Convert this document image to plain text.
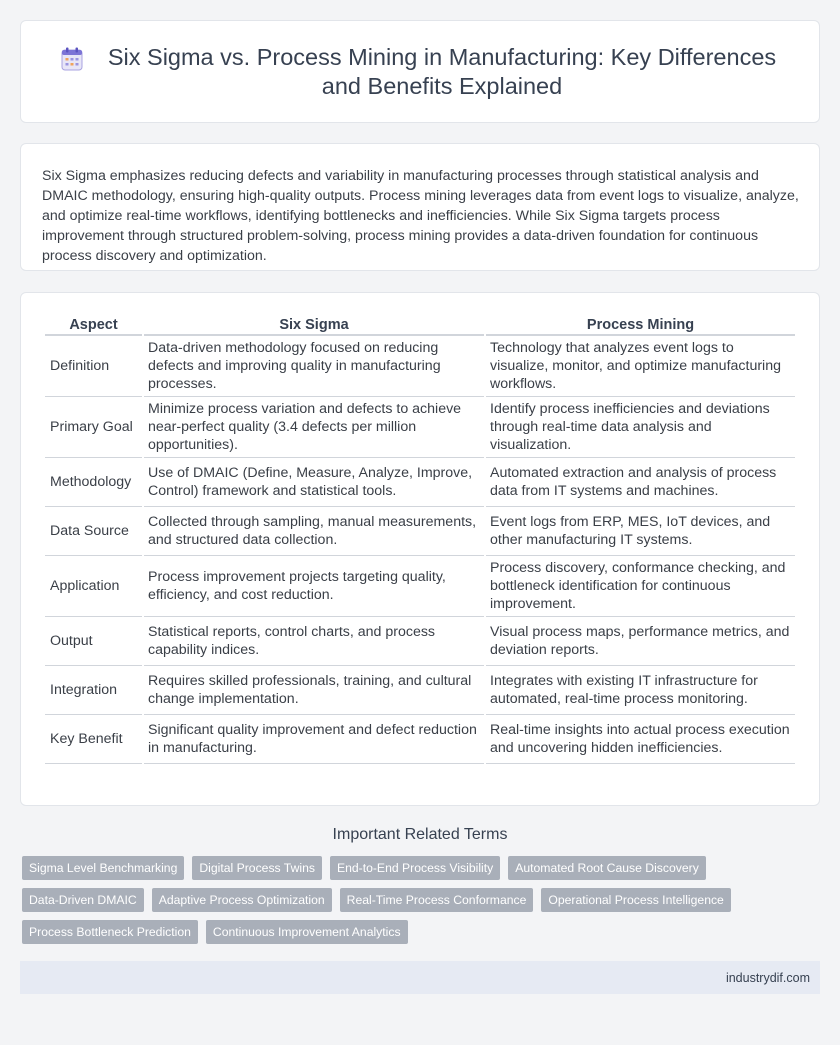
Six Sigma vs. Process Mining in Manufacturing: Key Differences and Benefits Explained

Six Sigma emphasizes reducing defects and variability in manufacturing processes through statistical analysis and DMAIC methodology, ensuring high-quality outputs. Process mining leverages data from event logs to visualize, analyze, and optimize real-time workflows, identifying bottlenecks and inefficiencies. While Six Sigma targets process improvement through structured problem-solving, process mining provides a data-driven foundation for continuous process discovery and optimization.

Aspect	Six Sigma	Process Mining
Definition	Data-driven methodology focused on reducing defects and improving quality in manufacturing processes.	Technology that analyzes event logs to visualize, monitor, and optimize manufacturing workflows.
Primary Goal	Minimize process variation and defects to achieve near-perfect quality (3.4 defects per million opportunities).	Identify process inefficiencies and deviations through real-time data analysis and visualization.
Methodology	Use of DMAIC (Define, Measure, Analyze, Improve, Control) framework and statistical tools.	Automated extraction and analysis of process data from IT systems and machines.
Data Source	Collected through sampling, manual measurements, and structured data collection.	Event logs from ERP, MES, IoT devices, and other manufacturing IT systems.
Application	Process improvement projects targeting quality, efficiency, and cost reduction.	Process discovery, conformance checking, and bottleneck identification for continuous improvement.
Output	Statistical reports, control charts, and process capability indices.	Visual process maps, performance metrics, and deviation reports.
Integration	Requires skilled professionals, training, and cultural change implementation.	Integrates with existing IT infrastructure for automated, real-time process monitoring.
Key Benefit	Significant quality improvement and defect reduction in manufacturing.	Real-time insights into actual process execution and uncovering hidden inefficiencies.
Important Related Terms
Sigma Level Benchmarking	Digital Process Twins	End-to-End Process Visibility	Automated Root Cause Discovery
Data-Driven DMAIC	Adaptive Process Optimization	Real-Time Process Conformance	Operational Process Intelligence
Process Bottleneck Prediction	Continuous Improvement Analytics
industrydif.com
